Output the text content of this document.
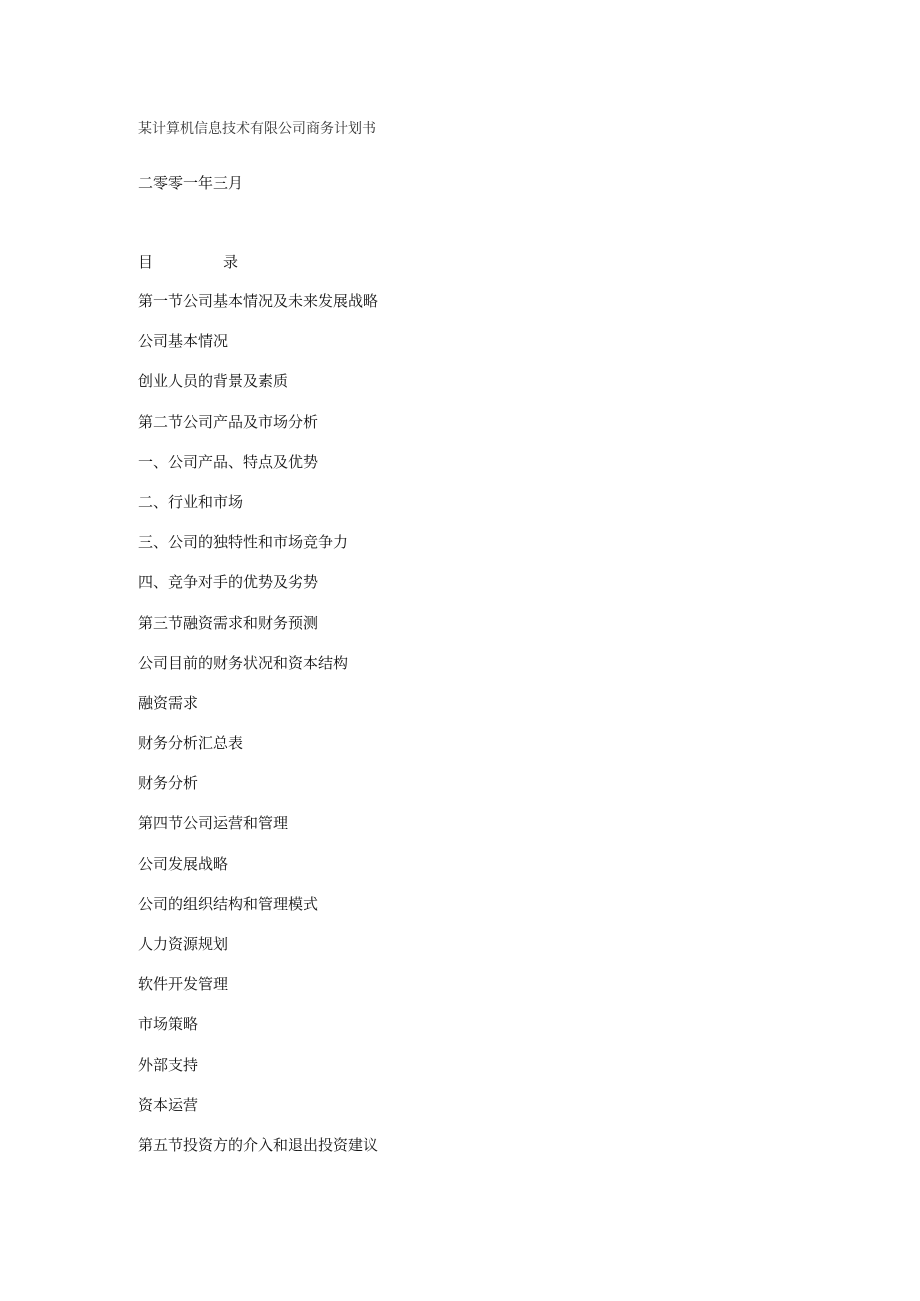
某计算机信息技术有限公司商务计划书
二零零一年三月
目	录
第一节公司基本情况及未来发展战略
公司基本情况
创业人员的背景及素质
第二节公司产品及市场分析
一、公司产品、特点及优势
二、行业和市场
三、公司的独特性和市场竞争力
四、竞争对手的优势及劣势
第三节融资需求和财务预测
公司目前的财务状况和资本结构
融资需求
财务分析汇总表
财务分析
第四节公司运营和管理
公司发展战略
公司的组织结构和管理模式
人力资源规划
软件开发管理
市场策略
外部支持
资本运营
第五节投资方的介入和退出投资建议
